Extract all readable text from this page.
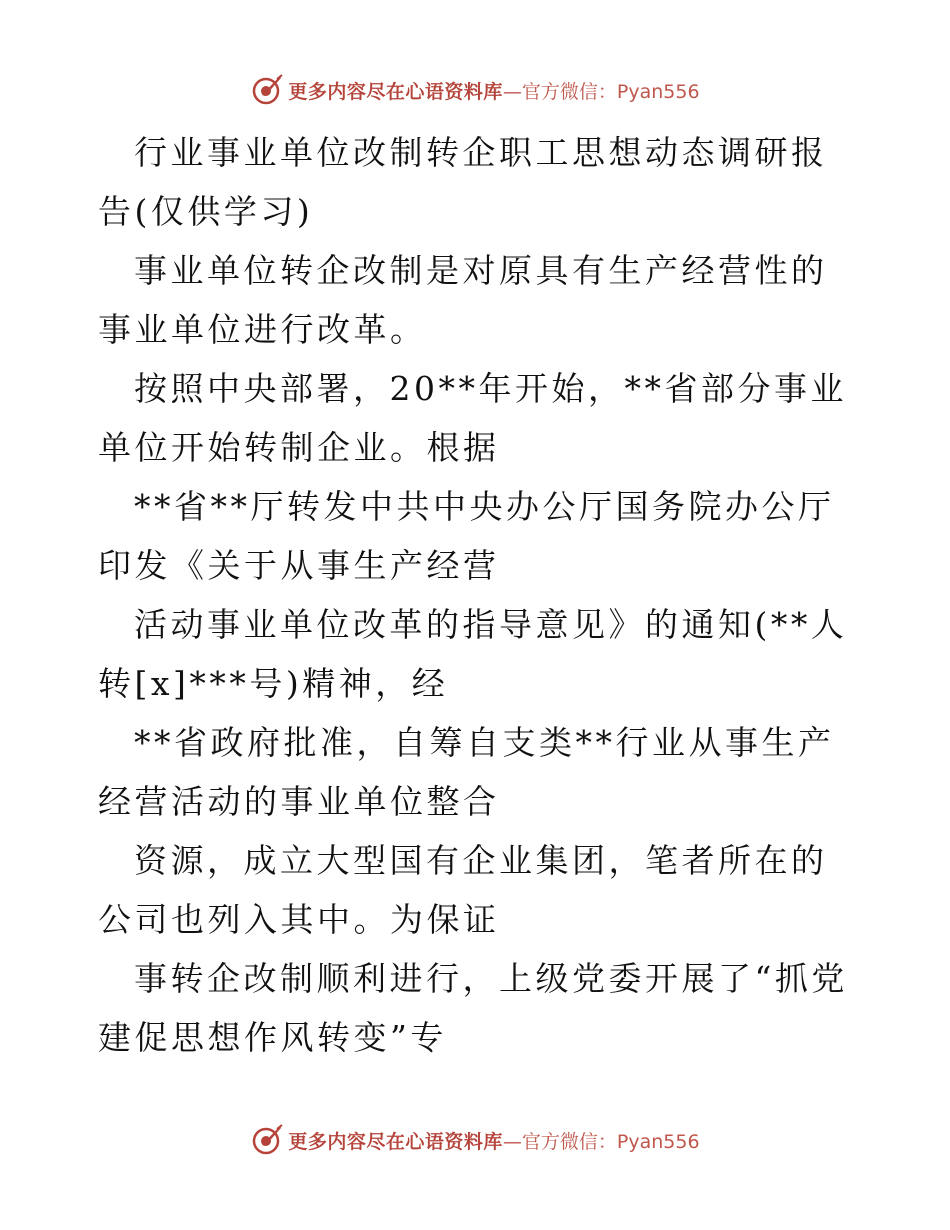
更多内容尽在心语资料库 —官方微信：Pyan556

行业事业单位改制转企职工思想动态调研报告(仅供学习)

事业单位转企改制是对原具有生产经营性的事业单位进行改革。

按照中央部署，20**年开始，**省部分事业单位开始转制企业。根据

**省**厅转发中共中央办公厅国务院办公厅印发《关于从事生产经营

活动事业单位改革的指导意见》的通知(**人转[x]***号)精神，经

**省政府批准，自筹自支类**行业从事生产经营活动的事业单位整合

资源，成立大型国有企业集团，笔者所在的公司也列入其中。为保证

事转企改制顺利进行，上级党委开展了“抓党建促思想作风转变”专

更多内容尽在心语资料库 —官方微信：Pyan556
